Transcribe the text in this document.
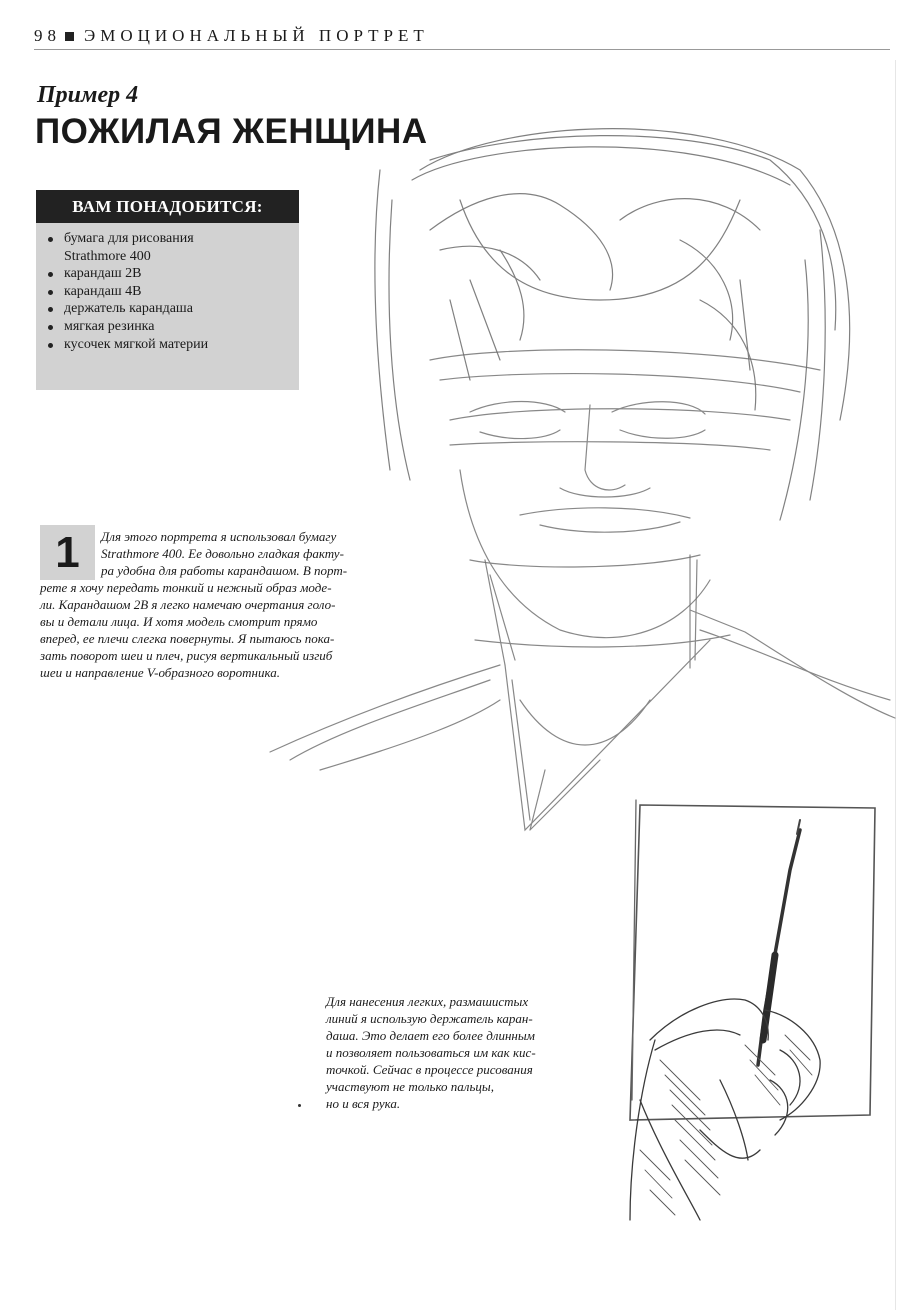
98 ЭМОЦИОНАЛЬНЫЙ ПОРТРЕТ
Пример 4
ПОЖИЛАЯ ЖЕНЩИНА
ВАМ ПОНАДОБИТСЯ:
бумага для рисования
Strathmore 400
карандаш 2B
карандаш 4B
держатель карандаша
мягкая резинка
кусочек мягкой материи
1	Для этого портрета я использовал бумагу
Strathmore 400. Ее довольно гладкая факту-
ра удобна для работы карандашом. В порт-
рете я хочу передать тонкий и нежный образ моде-
ли. Карандашом 2B я легко намечаю очертания голо-
вы и детали лица. И хотя модель смотрит прямо
вперед, ее плечи слегка повернуты. Я пытаюсь пока-
зать поворот шеи и плеч, рисуя вертикальный изгиб
шеи и направление V-образного воротника.
Для нанесения легких, размашистых
линий я использую держатель каран-
даша. Это делает его более длинным
и позволяет пользоваться им как кис-
точкой. Сейчас в процессе рисования
участвуют не только пальцы,
но и вся рука.
